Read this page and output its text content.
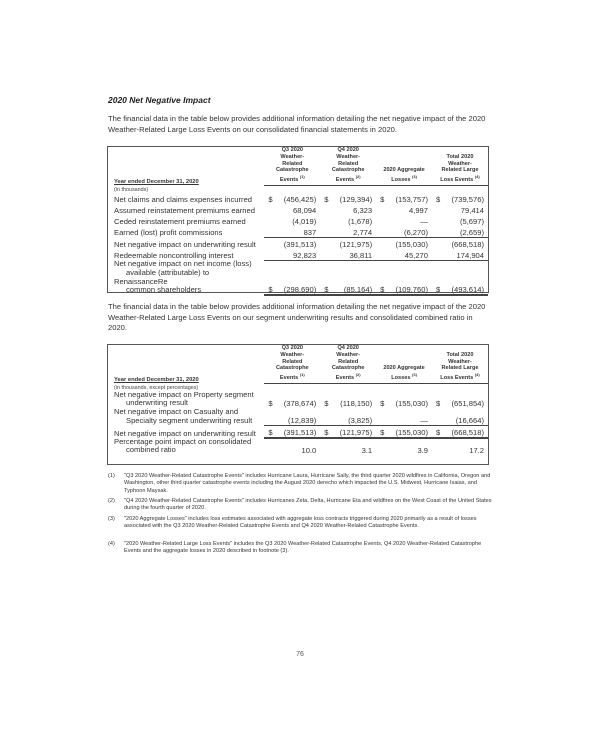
2020 Net Negative Impact
The financial data in the table below provides additional information detailing the net negative impact of the 2020 Weather-Related Large Loss Events on our consolidated financial statements in 2020.
Year ended December 31, 2020	Q3 2020
Weather-
Related
Catastrophe
Events $^{(1)}$		Q4 2020
Weather-
Related
Catastrophe
Events $^{(2)}$		2020 Aggregate
Losses $^{(3)}$		Total 2020
Weather-
Related Large
Loss Events $^{(4)}$
(in thousands)								
Net claims and claims expenses incurred	$	(456,425)	$	(129,394)	$	(153,757)	$	(739,576)
Assumed reinstatement premiums earned		68,094		6,323		4,997		79,414
Ceded reinstatement premiums earned		(4,019)		(1,678)		—		(5,697)
Earned (lost) profit commissions		837		2,774		(6,270)		(2,659)
Net negative impact on underwriting result		(391,513)		(121,975)		(155,030)		(668,518)
Redeemable noncontrolling interest		92,823		36,811		45,270		174,904
Net negative impact on net income (loss)
available (attributable) to RenaissanceRe
common shareholders	$	(298,690)	$	(85,164)	$	(109,760)	$	(493,614)
The financial data in the table below provides additional information detailing the net negative impact of the 2020 Weather-Related Large Loss Events on our segment underwriting results and consolidated combined ratio in 2020.
Year ended December 31, 2020	Q3 2020
Weather-
Related
Catastrophe
Events $^{(1)}$		Q4 2020
Weather-
Related
Catastrophe
Events $^{(2)}$		2020 Aggregate
Losses $^{(3)}$		Total 2020
Weather-
Related Large
Loss Events $^{(4)}$
(in thousands, except percentages)								
Net negative impact on Property segment
underwriting result	$	(378,674)	$	(118,150)	$	(155,030)	$	(651,854)
Net negative impact on Casualty and
Specialty segment underwriting result		(12,839)		(3,825)		—		(16,664)
Net negative impact on underwriting result	$	(391,513)	$	(121,975)	$	(155,030)	$	(668,518)
Percentage point impact on consolidated
combined ratio		10.0		3.1		3.9		17.2
(1) "Q3 2020 Weather-Related Catastrophe Events" includes Hurricane Laura, Hurricane Sally, the third quarter 2020 wildfires in California, Oregon and Washington, other third quarter catastrophe events including the August 2020 derecho which impacted the U.S. Midwest, Hurricane Isaias, and Typhoon Maysak.
(2) "Q4 2020 Weather-Related Catastrophe Events" includes Hurricanes Zeta, Delta, Hurricane Eta and wildfires on the West Coast of the United States during the fourth quarter of 2020.
(3) "2020 Aggregate Losses" includes loss estimates associated with aggregate loss contracts triggered during 2020 primarily as a result of losses associated with the Q3 2020 Weather-Related Catastrophe Events and Q4 2020 Weather-Related Catastrophe Events.
(4) "2020 Weather-Related Large Loss Events" includes the Q3 2020 Weather-Related Catastrophe Events, Q4 2020 Weather-Related Catastrophe Events and the aggregate losses in 2020 described in footnote (3).
76
